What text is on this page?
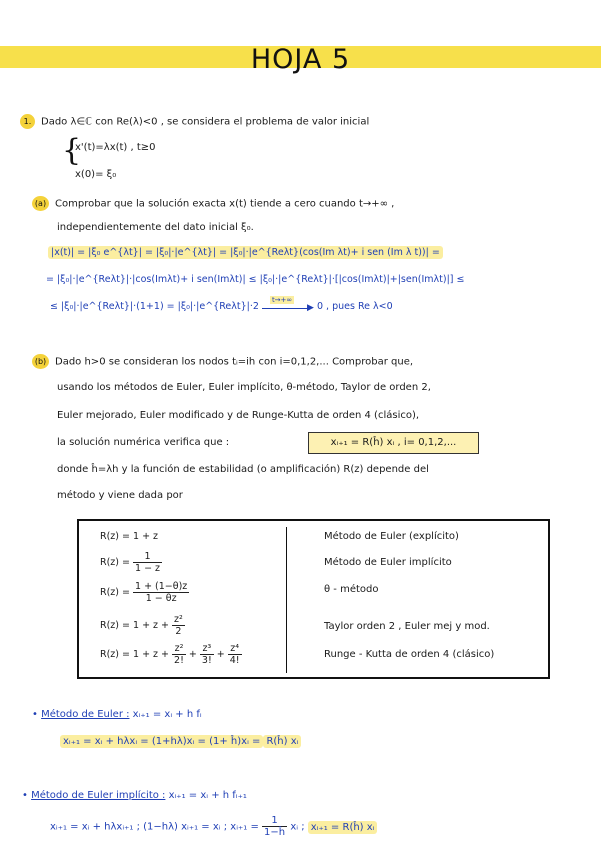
HOJA 5
1. Dado λ∈ℂ con Re(λ)<0 , se considera el problema de valor inicial
{
x'(t)=λx(t) , t≥0
x(0)= ξ₀
(a) Comprobar que la solución exacta x(t) tiende a cero cuando t→+∞ ,
independientemente del dato inicial ξ₀.
|x(t)| = |ξ₀ e^{λt}| = |ξ₀|·|e^{λt}| = |ξ₀|·|e^{Reλt}(cos(Im λt)+ i sen (Im λ t))| =
= |ξ₀|·|e^{Reλt}|·|cos(Imλt)+ i sen(Imλt)| ≤ |ξ₀|·|e^{Reλt}|·[|cos(Imλt)|+|sen(Imλt)|] ≤
≤ |ξ₀|·|e^{Reλt}|·(1+1) = |ξ₀|·|e^{Reλt}|·2	▶
t→+∞
0 , pues Re λ<0
(b) Dado h>0 se consideran los nodos tᵢ=ih con i=0,1,2,... Comprobar que,
usando los métodos de Euler, Euler implícito, θ-método, Taylor de orden 2,
Euler mejorado, Euler modificado y de Runge-Kutta de orden 4 (clásico),
la solución numérica verifica que :	xᵢ₊₁ = R(ĥ) xᵢ , i= 0,1,2,...
donde ĥ=λh y la función de estabilidad (o amplificación) R(z) depende del
método y viene dada por
R(z) = 1 + z	Método de Euler (explícito)
$R(z) = \frac{1}{1 - z}$	Método de Euler implícito
$R(z) = \frac{1 + (1-\theta)z}{1 - \theta z}$	θ - método
$R(z) = 1 + z + \frac{\text{z²}}{2}$	Taylor orden 2 , Euler mej y mod.
$R(z) = 1 + z + \frac{\text{z²}}{2!} + \frac{\text{z³}}{3!} + \frac{\text{z⁴}}{4!}$	Runge - Kutta de orden 4 (clásico)
• Método de Euler : xᵢ₊₁ = xᵢ + h fᵢ
xᵢ₊₁ = xᵢ + hλxᵢ = (1+hλ)xᵢ = (1+ ĥ)xᵢ = R(ĥ) xᵢ
• Método de Euler implícito : xᵢ₊₁ = xᵢ + h fᵢ₊₁
xᵢ₊₁ = xᵢ + hλxᵢ₊₁ ; (1−hλ) xᵢ₊₁ = xᵢ ; xᵢ₊₁ = $\frac{1}{1-ĥ}$ xᵢ ; xᵢ₊₁ = R(ĥ) xᵢ
